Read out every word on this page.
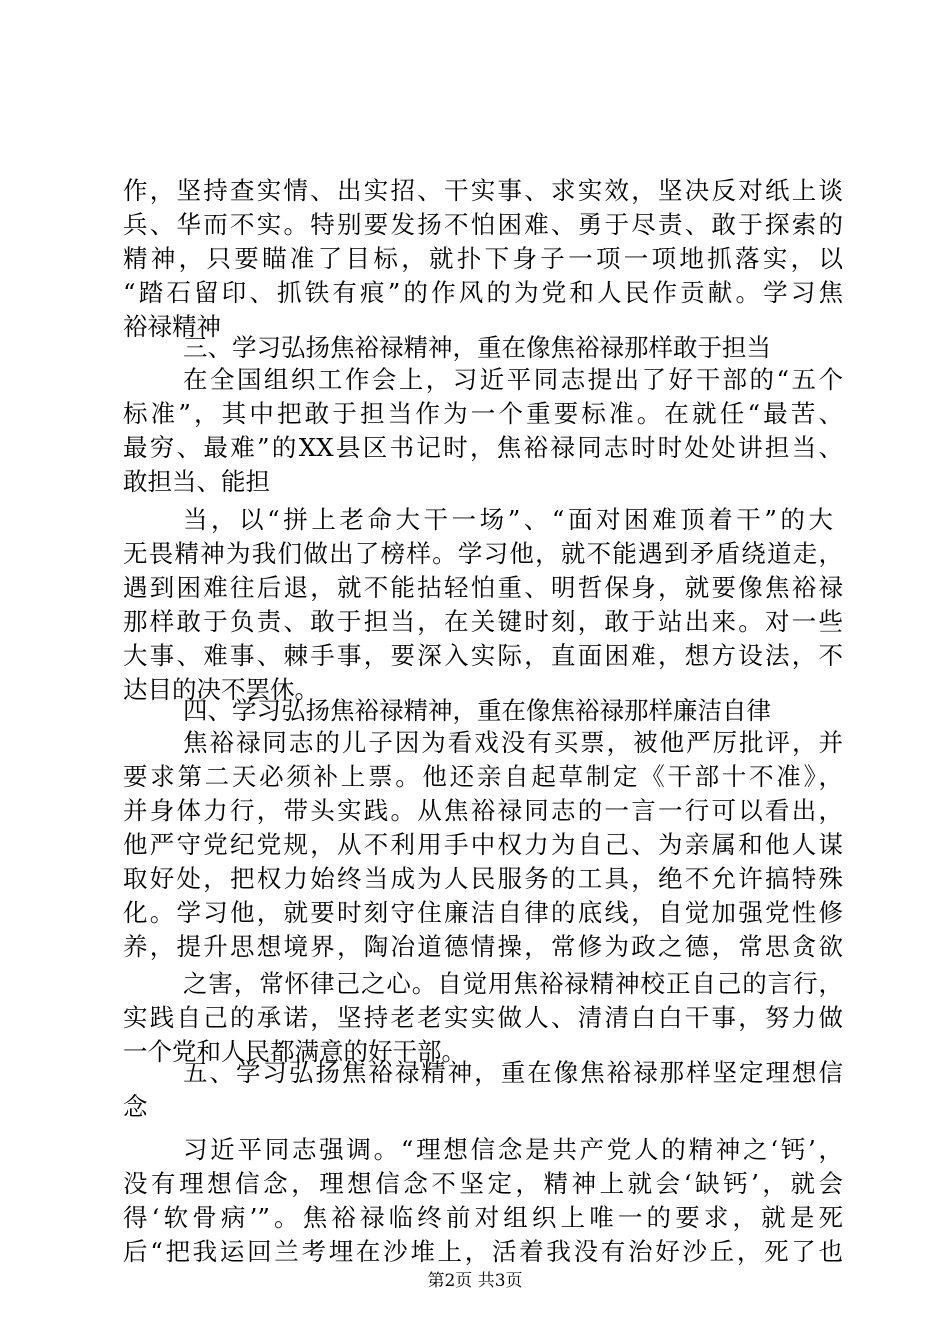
作，坚持查实情、出实招、干实事、求实效，坚决反对纸上谈
兵、华而不实。特别要发扬不怕困难、勇于尽责、敢于探索的
精神，只要瞄准了目标，就扑下身子一项一项地抓落实，以
“踏石留印、抓铁有痕”的作风的为党和人民作贡献。学习焦
裕禄精神
三、学习弘扬焦裕禄精神，重在像焦裕禄那样敢于担当
在全国组织工作会上，习近平同志提出了好干部的“五个
标准”，其中把敢于担当作为一个重要标准。在就任“最苦、
最穷、最难”的XX县区书记时，焦裕禄同志时时处处讲担当、
敢担当、能担
当，以“拼上老命大干一场”、“面对困难顶着干”的大
无畏精神为我们做出了榜样。学习他，就不能遇到矛盾绕道走，
遇到困难往后退，就不能拈轻怕重、明哲保身，就要像焦裕禄
那样敢于负责、敢于担当，在关键时刻，敢于站出来。对一些
大事、难事、棘手事，要深入实际，直面困难，想方设法，不
达目的决不罢休。
四、学习弘扬焦裕禄精神，重在像焦裕禄那样廉洁自律
焦裕禄同志的儿子因为看戏没有买票，被他严厉批评，并
要求第二天必须补上票。他还亲自起草制定《干部十不准》，
并身体力行，带头实践。从焦裕禄同志的一言一行可以看出，
他严守党纪党规，从不利用手中权力为自己、为亲属和他人谋
取好处，把权力始终当成为人民服务的工具，绝不允许搞特殊
化。学习他，就要时刻守住廉洁自律的底线，自觉加强党性修
养，提升思想境界，陶冶道德情操，常修为政之德，常思贪欲
之害，常怀律己之心。自觉用焦裕禄精神校正自己的言行，
实践自己的承诺，坚持老老实实做人、清清白白干事，努力做
一个党和人民都满意的好干部。
五、学习弘扬焦裕禄精神，重在像焦裕禄那样坚定理想信
念
习近平同志强调。“理想信念是共产党人的精神之‘钙’，
没有理想信念，理想信念不坚定，精神上就会‘缺钙’，就会
得‘软骨病’”。焦裕禄临终前对组织上唯一的要求，就是死
后“把我运回兰考埋在沙堆上，活着我没有治好沙丘，死了也
第2页 共3页
